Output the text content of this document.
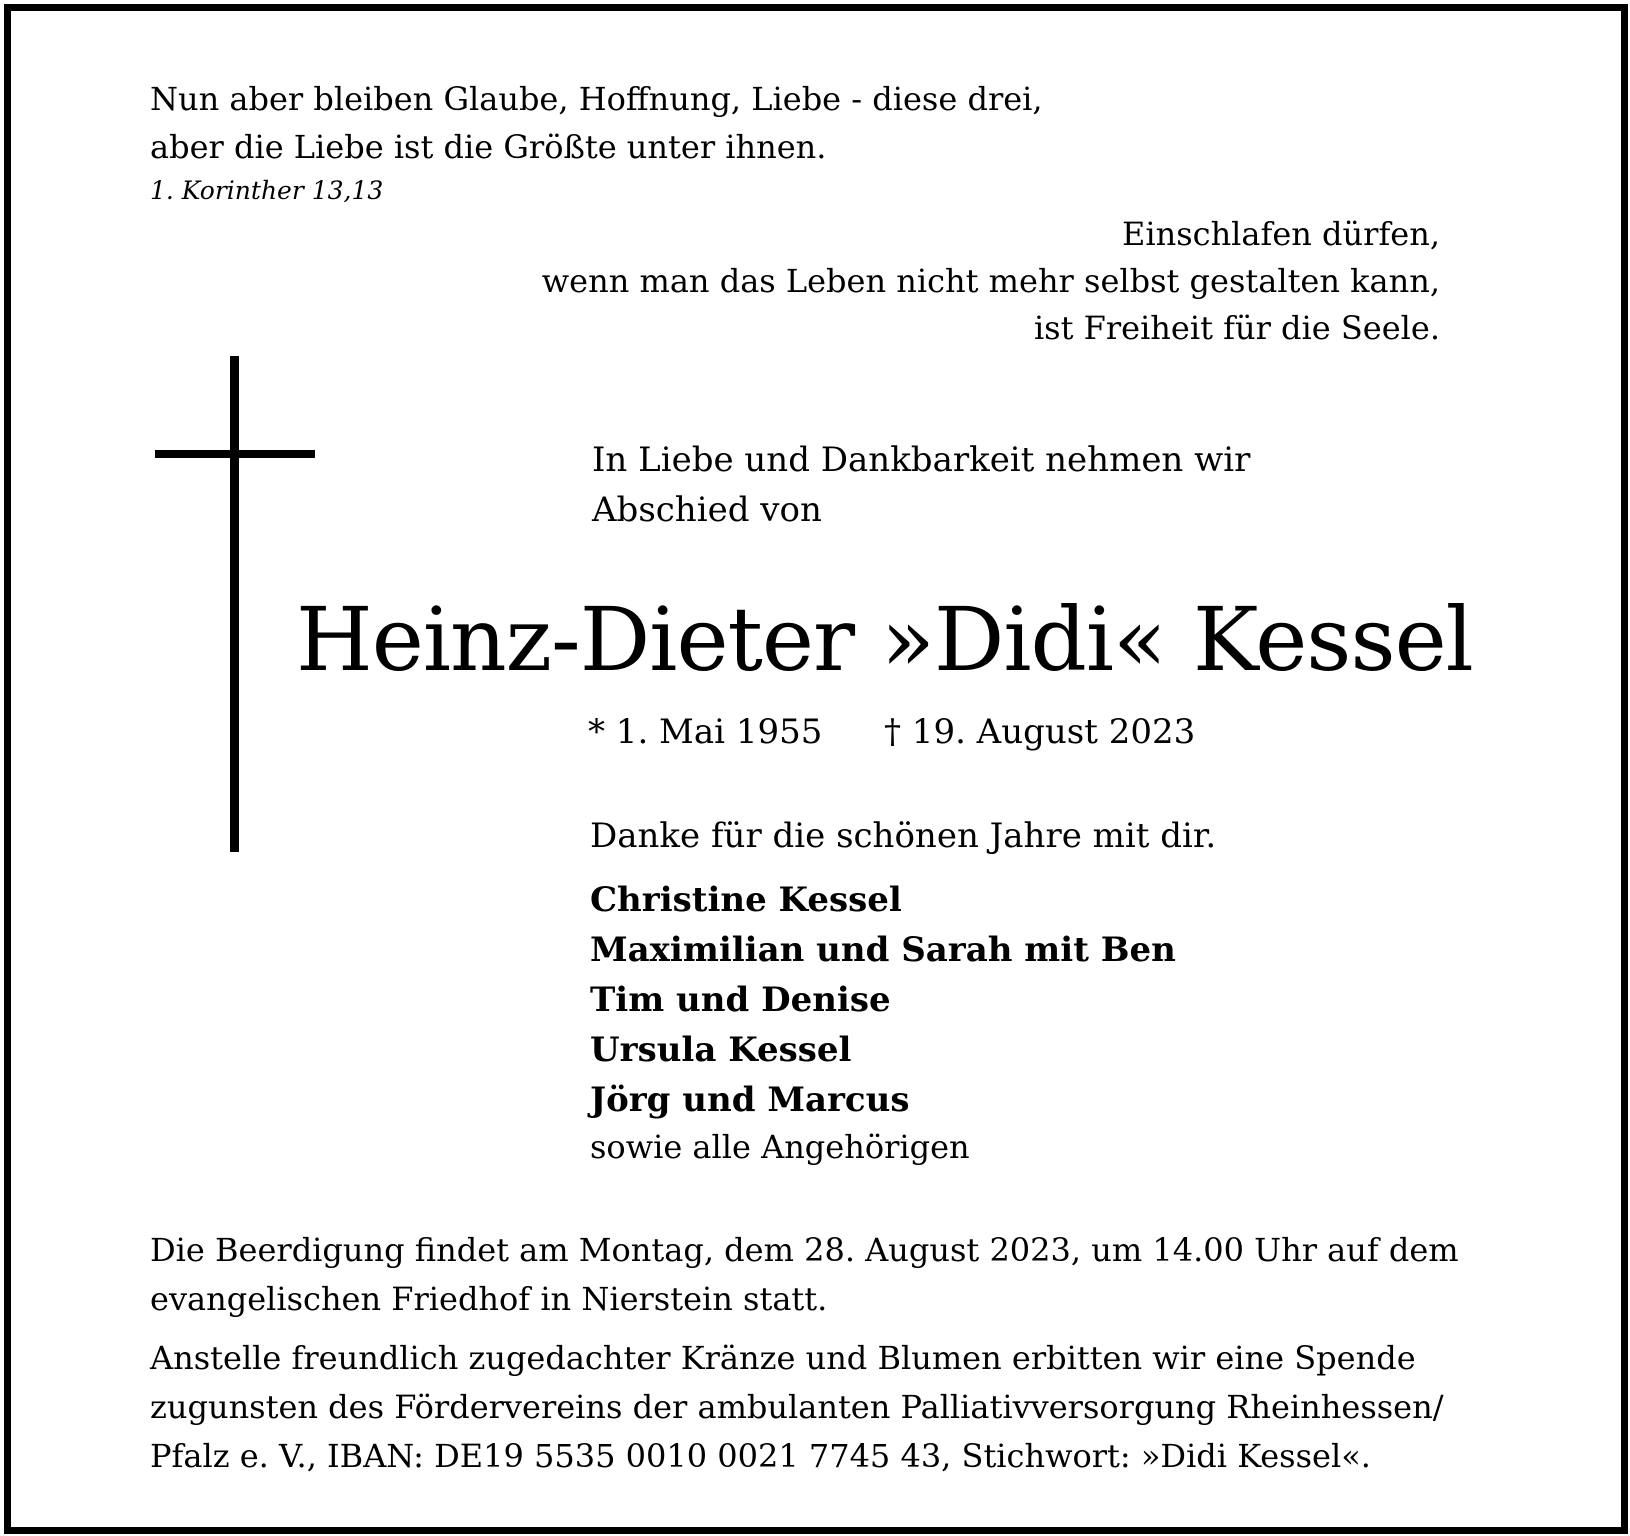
Nun aber bleiben Glaube, Hoffnung, Liebe - diese drei,
aber die Liebe ist die Größte unter ihnen.
1. Korinther 13,13
Einschlafen dürfen,
wenn man das Leben nicht mehr selbst gestalten kann,
ist Freiheit für die Seele.
In Liebe und Dankbarkeit nehmen wir
Abschied von
Heinz-Dieter »Didi« Kessel
* 1. Mai 1955 † 19. August 2023
Danke für die schönen Jahre mit dir.
Christine Kessel
Maximilian und Sarah mit Ben
Tim und Denise
Ursula Kessel
Jörg und Marcus
sowie alle Angehörigen
Die Beerdigung findet am Montag, dem 28. August 2023, um 14.00 Uhr auf dem
evangelischen Friedhof in Nierstein statt.
Anstelle freundlich zugedachter Kränze und Blumen erbitten wir eine Spende
zugunsten des Fördervereins der ambulanten Palliativversorgung Rheinhessen/
Pfalz e. V., IBAN: DE19 5535 0010 0021 7745 43, Stichwort: »Didi Kessel«.
